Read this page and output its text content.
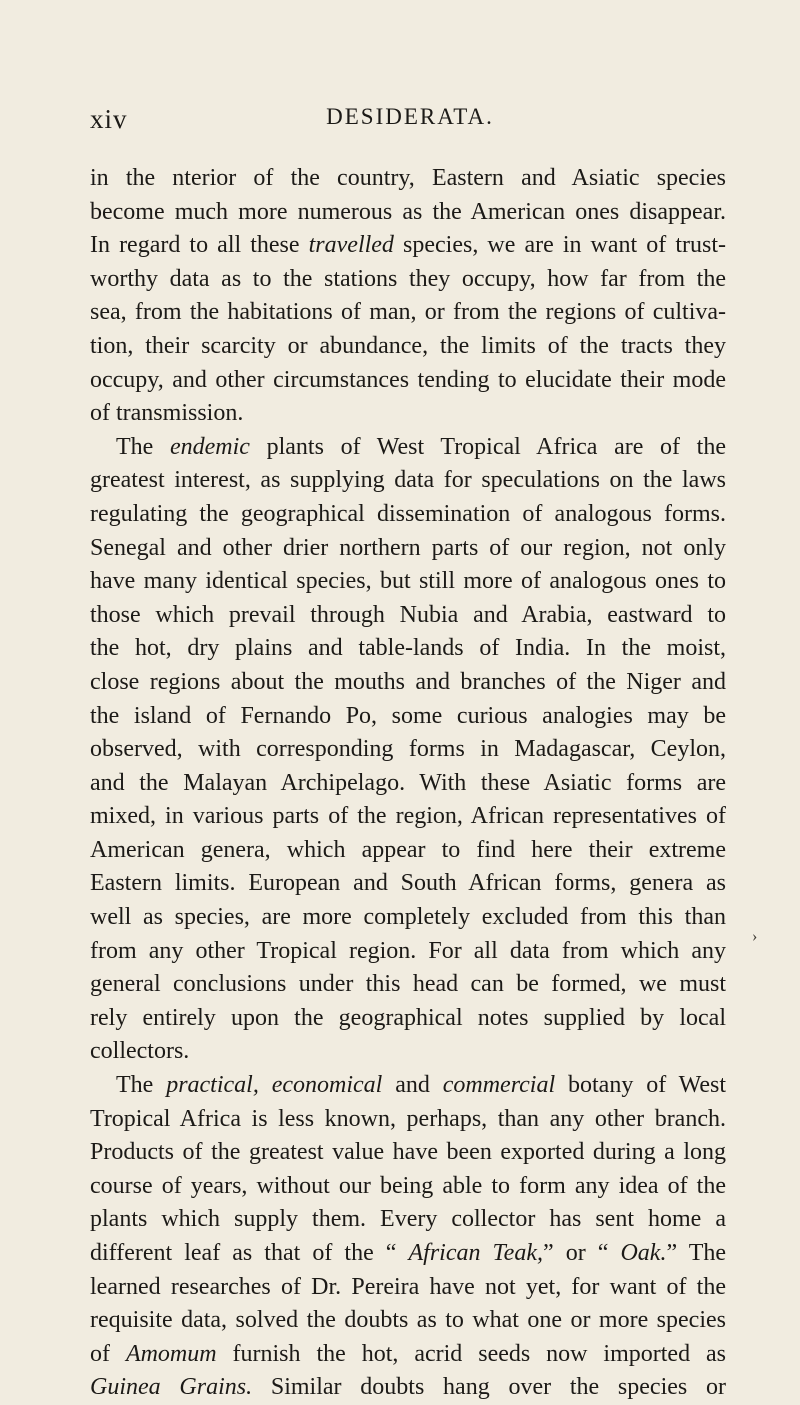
xiv	DESIDERATA.
in the nterior of the country, Eastern and Asiatic species
become much more numerous as the American ones disappear.
In regard to all these travelled species, we are in want of trust-
worthy data as to the stations they occupy, how far from the
sea, from the habitations of man, or from the regions of cultiva-
tion, their scarcity or abundance, the limits of the tracts they
occupy, and other circumstances tending to elucidate their mode
of transmission.
The endemic plants of West Tropical Africa are of the
greatest interest, as supplying data for speculations on the laws
regulating the geographical dissemination of analogous forms.
Senegal and other drier northern parts of our region, not only
have many identical species, but still more of analogous ones to
those which prevail through Nubia and Arabia, eastward to
the hot, dry plains and table-lands of India. In the moist,
close regions about the mouths and branches of the Niger and
the island of Fernando Po, some curious analogies may be
observed, with corresponding forms in Madagascar, Ceylon,
and the Malayan Archipelago. With these Asiatic forms are
mixed, in various parts of the region, African representatives of
American genera, which appear to find here their extreme
Eastern limits. European and South African forms, genera as
well as species, are more completely excluded from this than
from any other Tropical region. For all data from which any
general conclusions under this head can be formed, we must
rely entirely upon the geographical notes supplied by local
collectors.
The practical, economical and commercial botany of West
Tropical Africa is less known, perhaps, than any other branch.
Products of the greatest value have been exported during a long
course of years, without our being able to form any idea of the
plants which supply them. Every collector has sent home a
different leaf as that of the “ African Teak,” or “ Oak.” The
learned researches of Dr. Pereira have not yet, for want of the
requisite data, solved the doubts as to what one or more species
of Amomum furnish the hot, acrid seeds now imported as
Guinea Grains. Similar doubts hang over the species or
›
